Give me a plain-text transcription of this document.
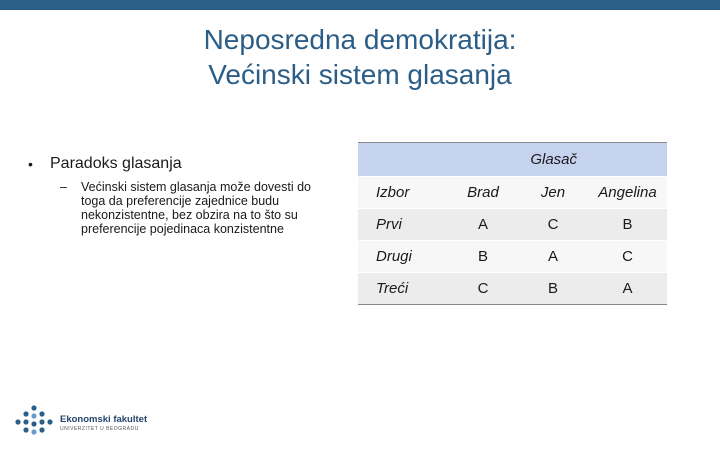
Neposredna demokratija:
Većinski sistem glasanja
• Paradoks glasanja
– Većinski sistem glasanja može dovesti do toga da preferencije zajednice budu nekonzistentne, bez obzira na to što su preferencije pojedinaca konzistentne
Glasač			

Izbor	Brad	Jen	Angelina
Prvi	A	C	B
Drugi	B	A	C
Treći	C	B	A
Ekonomski fakultet
UNIVERZITET U BEOGRADU
